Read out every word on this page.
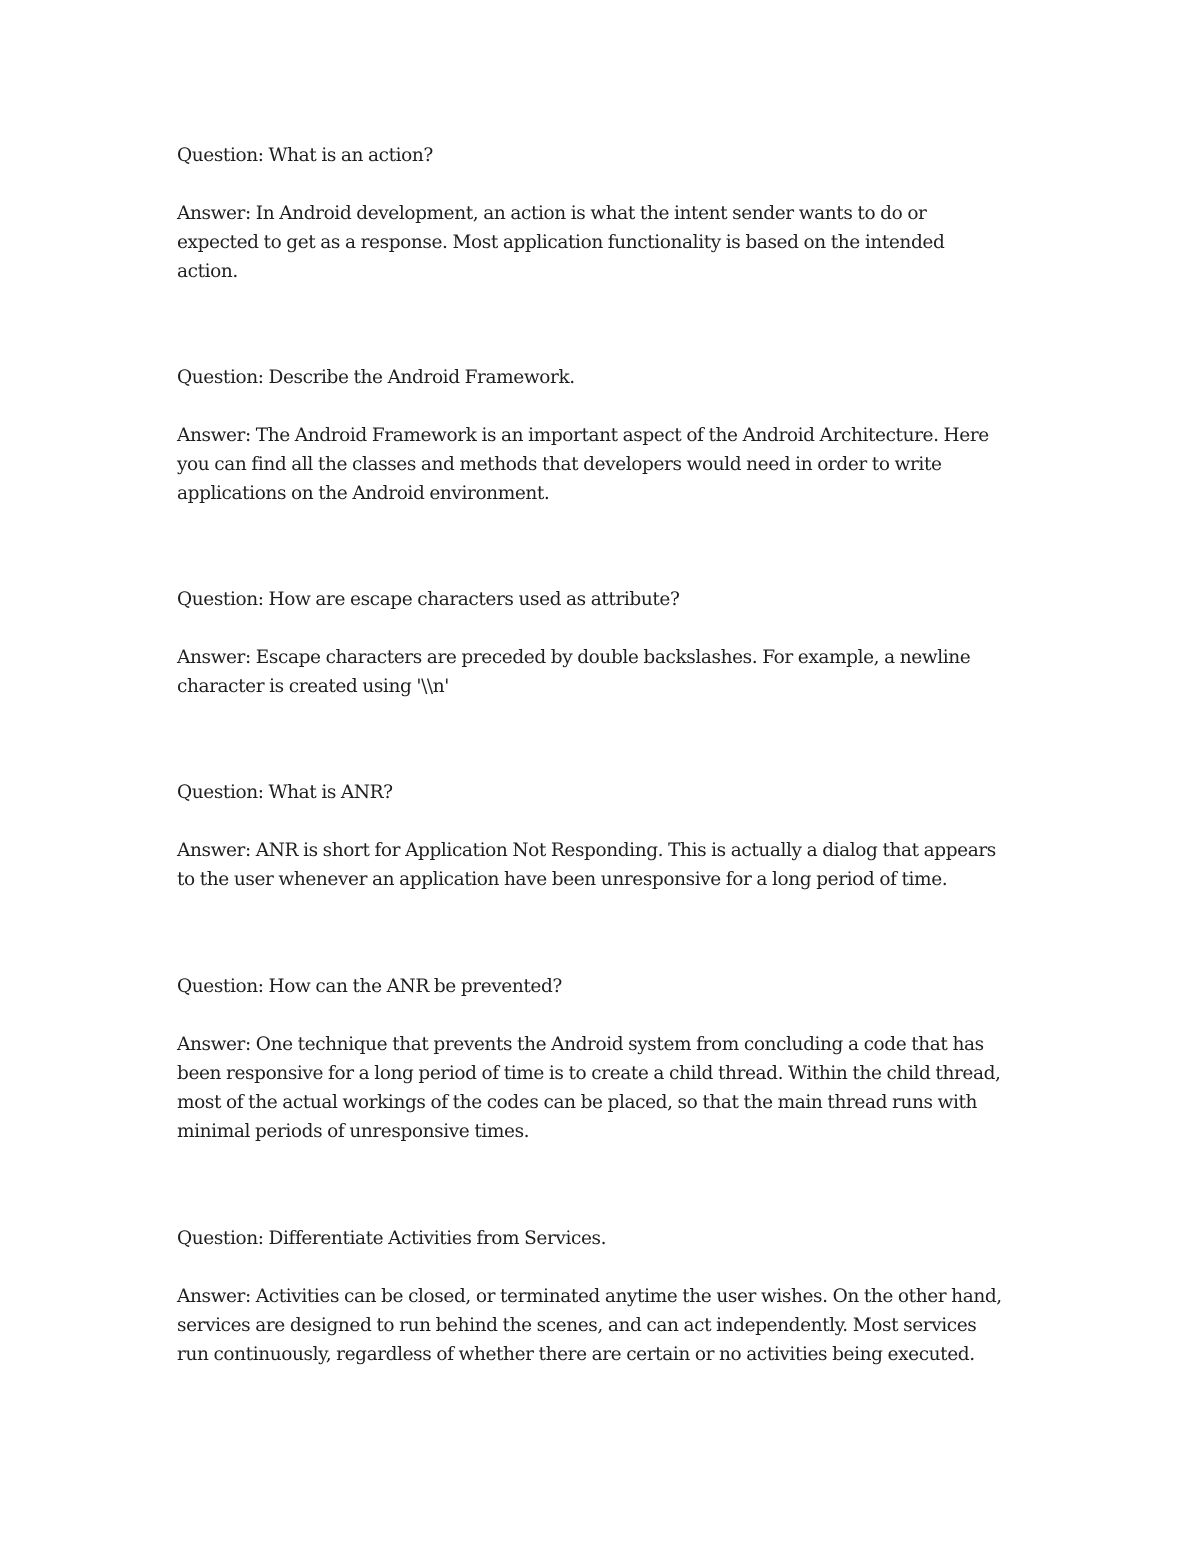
Question: What is an action?

Answer: In Android development, an action is what the intent sender wants to do or
expected to get as a response. Most application functionality is based on the intended
action.

Question: Describe the Android Framework.

Answer: The Android Framework is an important aspect of the Android Architecture. Here
you can find all the classes and methods that developers would need in order to write
applications on the Android environment.

Question: How are escape characters used as attribute?

Answer: Escape characters are preceded by double backslashes. For example, a newline
character is created using '\\n'

Question: What is ANR?

Answer: ANR is short for Application Not Responding. This is actually a dialog that appears
to the user whenever an application have been unresponsive for a long period of time.

Question: How can the ANR be prevented?

Answer: One technique that prevents the Android system from concluding a code that has
been responsive for a long period of time is to create a child thread. Within the child thread,
most of the actual workings of the codes can be placed, so that the main thread runs with
minimal periods of unresponsive times.

Question: Differentiate Activities from Services.

Answer: Activities can be closed, or terminated anytime the user wishes. On the other hand,
services are designed to run behind the scenes, and can act independently. Most services
run continuously, regardless of whether there are certain or no activities being executed.
